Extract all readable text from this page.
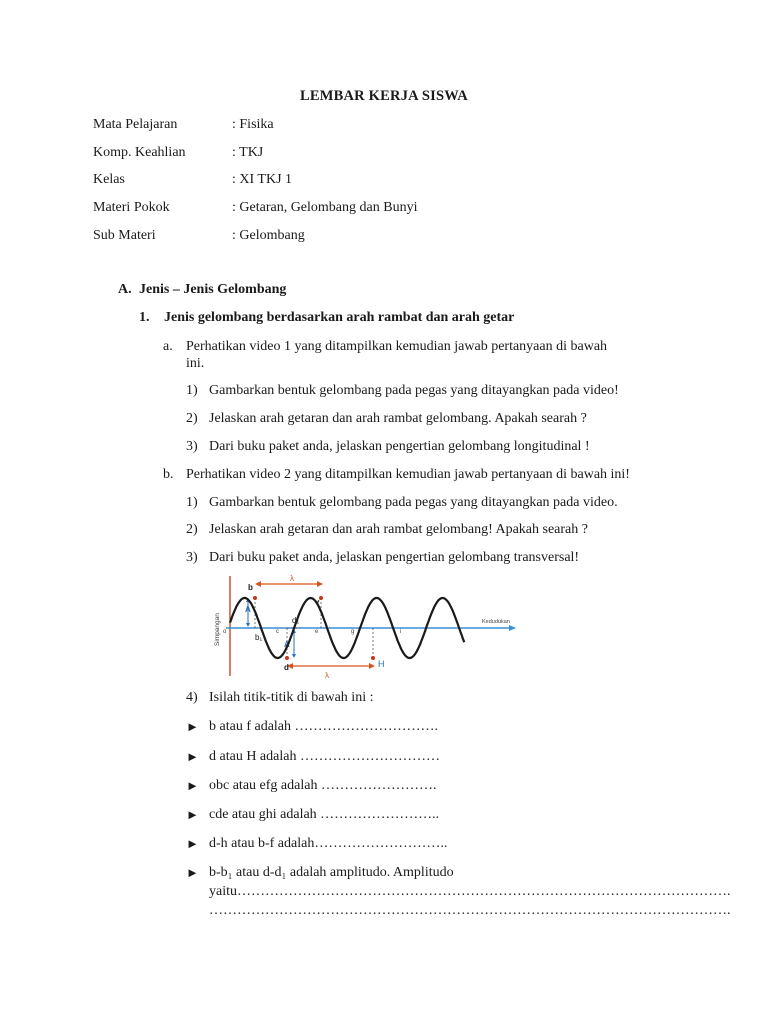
LEMBAR KERJA SISWA
Mata Pelajaran	: Fisika
Komp. Keahlian	: TKJ
Kelas	: XI TKJ 1
Materi Pokok	: Getaran, Gelombang dan Bunyi
Sub Materi	: Gelombang
A. Jenis – Jenis Gelombang
1. Jenis gelombang berdasarkan arah rambat dan arah getar
a. Perhatikan video 1 yang ditampilkan kemudian jawab pertanyaan di bawah
ini.
1) Gambarkan bentuk gelombang pada pegas yang ditayangkan pada video!
2) Jelaskan arah getaran dan arah rambat gelombang. Apakah searah ?
3) Dari buku paket anda, jelaskan pengertian gelombang longitudinal !
b. Perhatikan video 2 yang ditampilkan kemudian jawab pertanyaan di bawah ini!
1) Gambarkan bentuk gelombang pada pegas yang ditayangkan pada video.
2) Jelaskan arah getaran dan arah rambat gelombang! Apakah searah ?
3) Dari buku paket anda, jelaskan pengertian gelombang transversal!
Kedudukan
Simpangan
A
A
λ
λ
o
b
b₁
c
d
d₁
e
f
g
H
i
4) Isilah titik-titik di bawah ini :
► b atau f adalah ………………………….
► d atau H adalah …………………………
► obc atau efg adalah …………………….
► cde atau ghi adalah ……………………..
► d-h atau b-f adalah………………………..
► b-b₁ atau d-d₁ adalah amplitudo. Amplitudo
yaitu…………………………………………………………………………………………….
………………………………………………………………………………………………….
